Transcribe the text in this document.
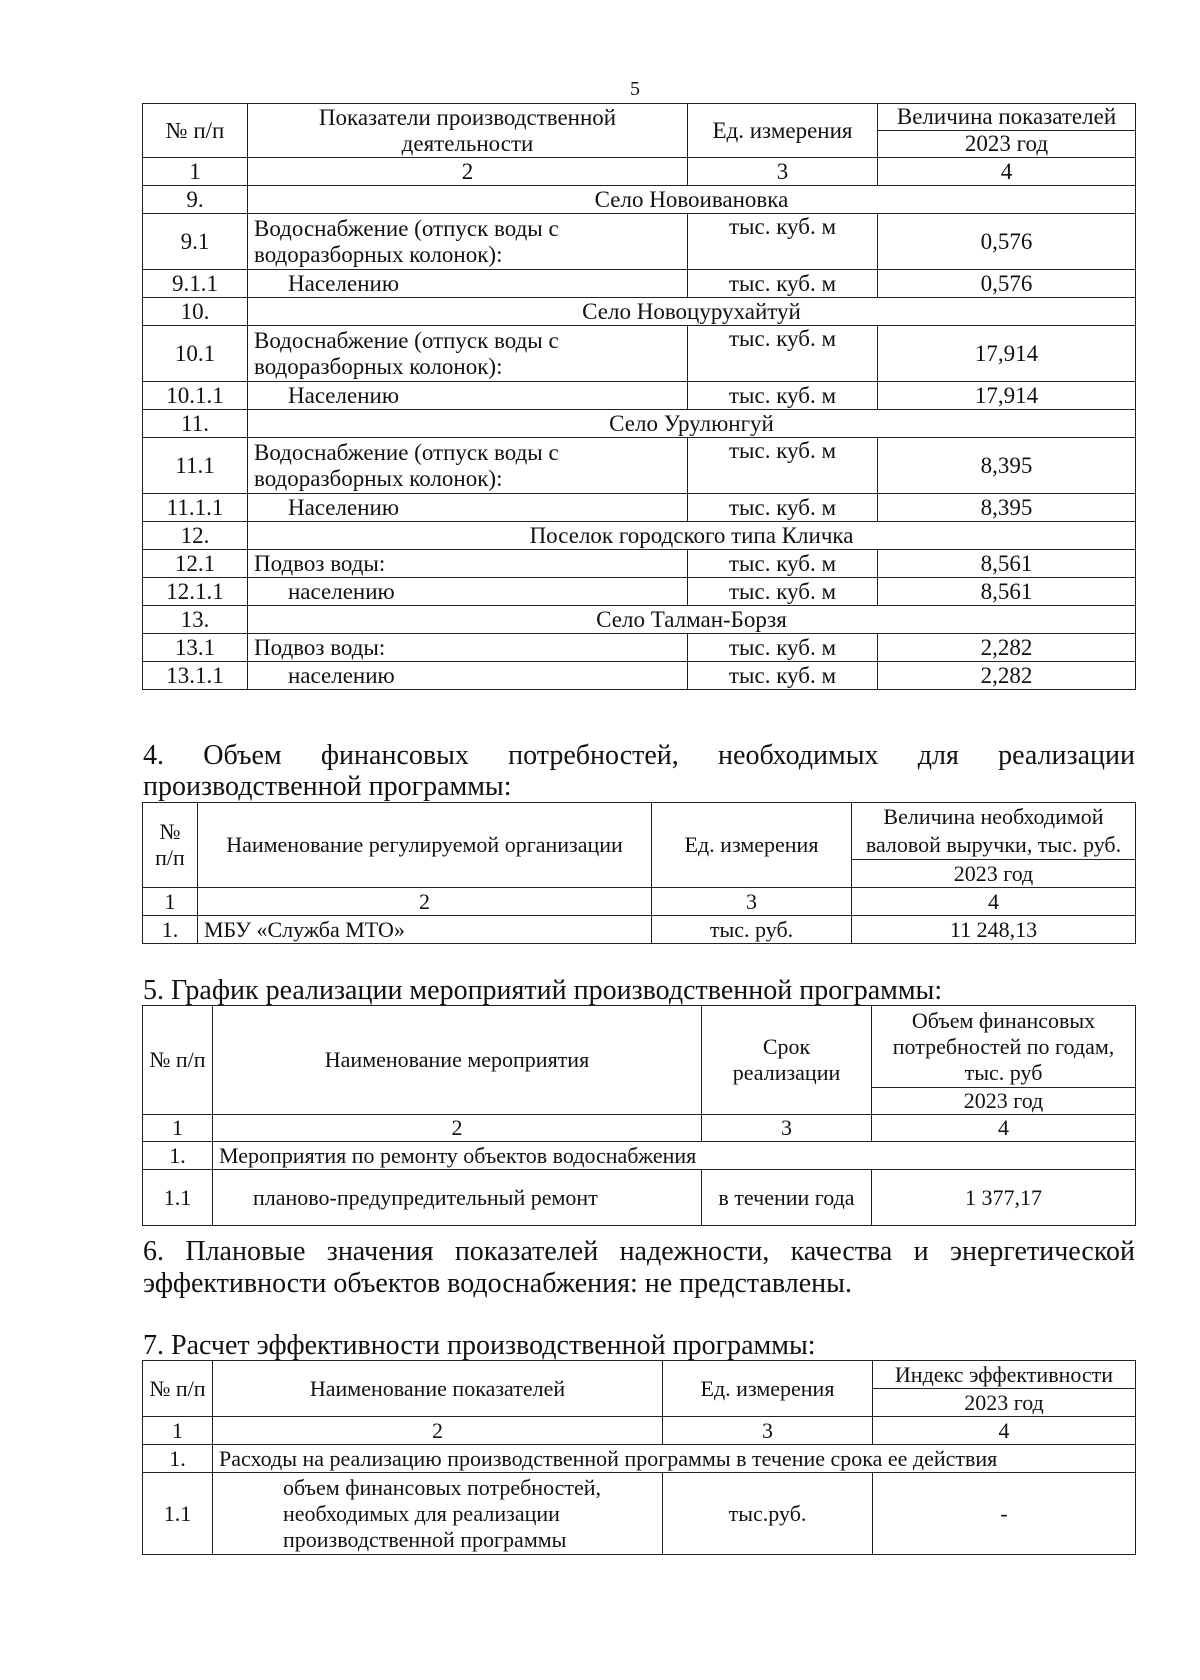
5
№ п/п	Показатели производственной деятельности	Ед. измерения	Величина показателей
			2023 год
1	2	3	4
9.	Село Новоивановка		
9.1	Водоснабжение (отпуск воды с водоразборных колонок):	тыс. куб. м	0,576
9.1.1	Населению	тыс. куб. м	0,576
10.	Село Новоцурухайтуй		
10.1	Водоснабжение (отпуск воды с водоразборных колонок):	тыс. куб. м	17,914
10.1.1	Населению	тыс. куб. м	17,914
11.	Село Урулюнгуй		
11.1	Водоснабжение (отпуск воды с водоразборных колонок):	тыс. куб. м	8,395
11.1.1	Населению	тыс. куб. м	8,395
12.	Поселок городского типа Кличка		
12.1	Подвоз воды:	тыс. куб. м	8,561
12.1.1	населению	тыс. куб. м	8,561
13.	Село Талман-Борзя		
13.1	Подвоз воды:	тыс. куб. м	2,282
13.1.1	населению	тыс. куб. м	2,282
4. Объем финансовых потребностей, необходимых для реализации
производственной программы:
№ п/п	Наименование регулируемой организации	Ед. измерения	Величина необходимой валовой выручки, тыс. руб.
			2023 год
1	2	3	4
1.	МБУ «Служба МТО»	тыс. руб.	11 248,13
5. График реализации мероприятий производственной программы:
№ п/п	Наименование мероприятия	Срок реализации	Объем финансовых потребностей по годам, тыс. руб
			2023 год
1	2	3	4
1.	Мероприятия по ремонту объектов водоснабжения		
1.1	планово-предупредительный ремонт	в течении года	1 377,17
6. Плановые значения показателей надежности, качества и энергетической
эффективности объектов водоснабжения: не представлены.
7. Расчет эффективности производственной программы:
№ п/п	Наименование показателей	Ед. измерения	Индекс эффективности
			2023 год
1	2	3	4
1.	Расходы на реализацию производственной программы в течение срока ее действия		
1.1	объем финансовых потребностей, необходимых для реализации производственной программы	тыс.руб.	-
